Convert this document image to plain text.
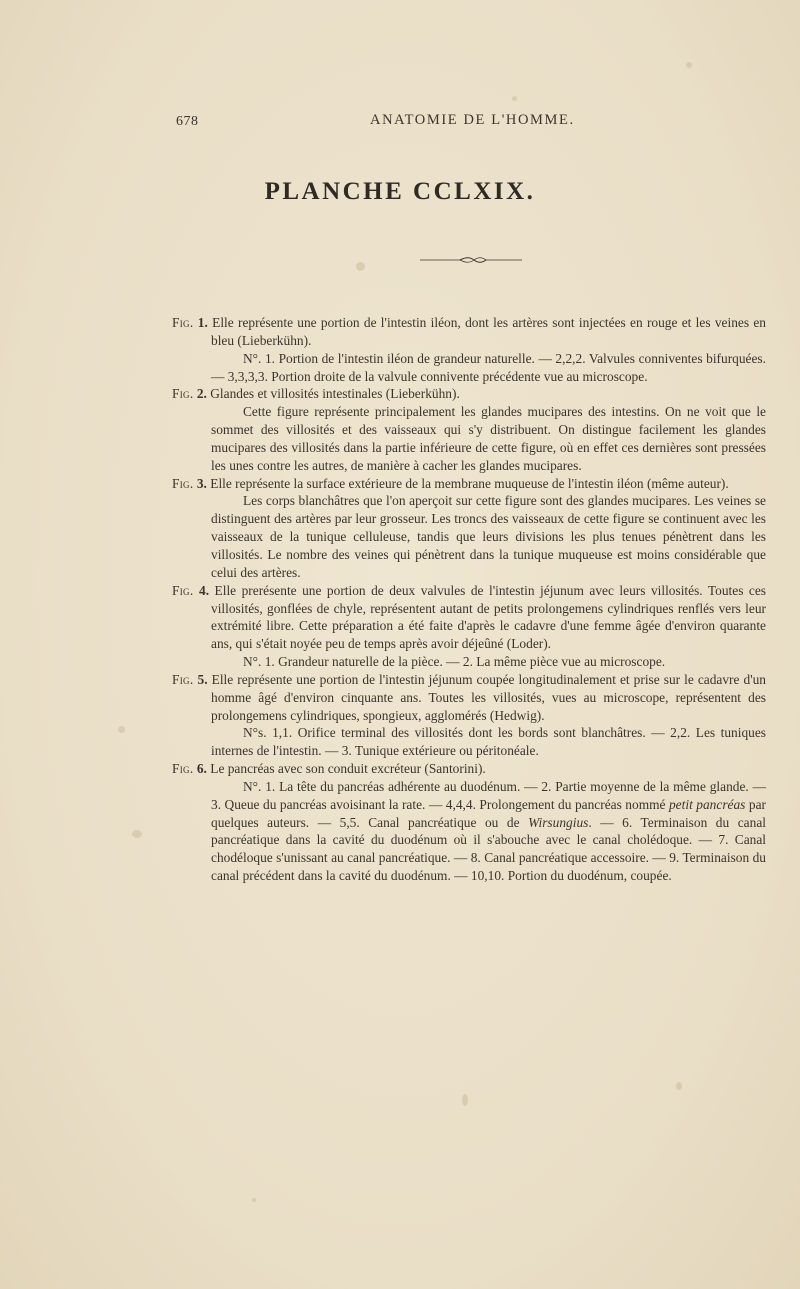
678	ANATOMIE DE L'HOMME.
PLANCHE CCLXIX.

Fig. 1. Elle représente une portion de l'intestin iléon, dont les artères sont injectées en rouge et les veines en bleu (Lieberkühn).

N°. 1. Portion de l'intestin iléon de grandeur naturelle. — 2,2,2. Valvules conniventes bifurquées. — 3,3,3,3. Portion droite de la valvule connivente précédente vue au microscope.

Fig. 2. Glandes et villosités intestinales (Lieberkühn).

Cette figure représente principalement les glandes mucipares des intestins. On ne voit que le sommet des villosités et des vaisseaux qui s'y distribuent. On distingue facilement les glandes mucipares des villosités dans la partie inférieure de cette figure, où en effet ces dernières sont pressées les unes contre les autres, de manière à cacher les glandes mucipares.

Fig. 3. Elle représente la surface extérieure de la membrane muqueuse de l'intestin iléon (même auteur).

Les corps blanchâtres que l'on aperçoit sur cette figure sont des glandes mucipares. Les veines se distinguent des artères par leur grosseur. Les troncs des vaisseaux de cette figure se continuent avec les vaisseaux de la tunique celluleuse, tandis que leurs divisions les plus tenues pénètrent dans les villosités. Le nombre des veines qui pénètrent dans la tunique muqueuse est moins considérable que celui des artères.

Fig. 4. Elle prerésente une portion de deux valvules de l'intestin jéjunum avec leurs villosités. Toutes ces villosités, gonflées de chyle, représentent autant de petits prolongemens cylindriques renflés vers leur extrémité libre. Cette préparation a été faite d'après le cadavre d'une femme âgée d'environ quarante ans, qui s'était noyée peu de temps après avoir déjeûné (Loder).

N°. 1. Grandeur naturelle de la pièce. — 2. La même pièce vue au microscope.

Fig. 5. Elle représente une portion de l'intestin jéjunum coupée longitudinalement et prise sur le cadavre d'un homme âgé d'environ cinquante ans. Toutes les villosités, vues au microscope, représentent des prolongemens cylindriques, spongieux, agglomérés (Hedwig).

N°s. 1,1. Orifice terminal des villosités dont les bords sont blanchâtres. — 2,2. Les tuniques internes de l'intestin. — 3. Tunique extérieure ou péritonéale.

Fig. 6. Le pancréas avec son conduit excréteur (Santorini).

N°. 1. La tête du pancréas adhérente au duodénum. — 2. Partie moyenne de la même glande. — 3. Queue du pancréas avoisinant la rate. — 4,4,4. Prolongement du pancréas nommé petit pancréas par quelques auteurs. — 5,5. Canal pancréatique ou de Wirsungius. — 6. Terminaison du canal pancréatique dans la cavité du duodénum où il s'abouche avec le canal cholédoque. — 7. Canal chodéloque s'unissant au canal pancréatique. — 8. Canal pancréatique accessoire. — 9. Terminaison du canal précédent dans la cavité du duodénum. — 10,10. Portion du duodénum, coupée.
